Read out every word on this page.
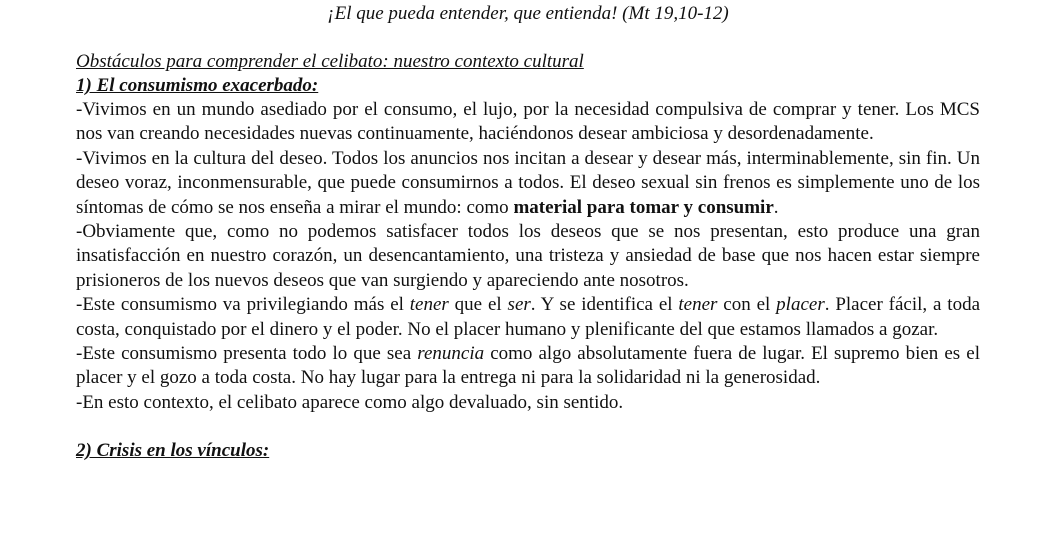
¡El que pueda entender, que entienda! (Mt 19,10-12)

Obstáculos para comprender el celibato: nuestro contexto cultural

1) El consumismo exacerbado:

-Vivimos en un mundo asediado por el consumo, el lujo, por la necesidad compulsiva de comprar y tener. Los MCS nos van creando necesidades nuevas continuamente, haciéndonos desear ambiciosa y desordenadamente.

-Vivimos en la cultura del deseo. Todos los anuncios nos incitan a desear y desear más, interminablemente, sin fin. Un deseo voraz, inconmensurable, que puede consumirnos a todos. El deseo sexual sin frenos es simplemente uno de los síntomas de cómo se nos enseña a mirar el mundo: como material para tomar y consumir.

-Obviamente que, como no podemos satisfacer todos los deseos que se nos presentan, esto produce una gran insatisfacción en nuestro corazón, un desencantamiento, una tristeza y ansiedad de base que nos hacen estar siempre prisioneros de los nuevos deseos que van surgiendo y apareciendo ante nosotros.

-Este consumismo va privilegiando más el tener que el ser. Y se identifica el tener con el placer. Placer fácil, a toda costa, conquistado por el dinero y el poder. No el placer humano y plenificante del que estamos llamados a gozar.

-Este consumismo presenta todo lo que sea renuncia como algo absolutamente fuera de lugar. El supremo bien es el placer y el gozo a toda costa. No hay lugar para la entrega ni para la solidaridad ni la generosidad.

-En esto contexto, el celibato aparece como algo devaluado, sin sentido.

2) Crisis en los vínculos:
